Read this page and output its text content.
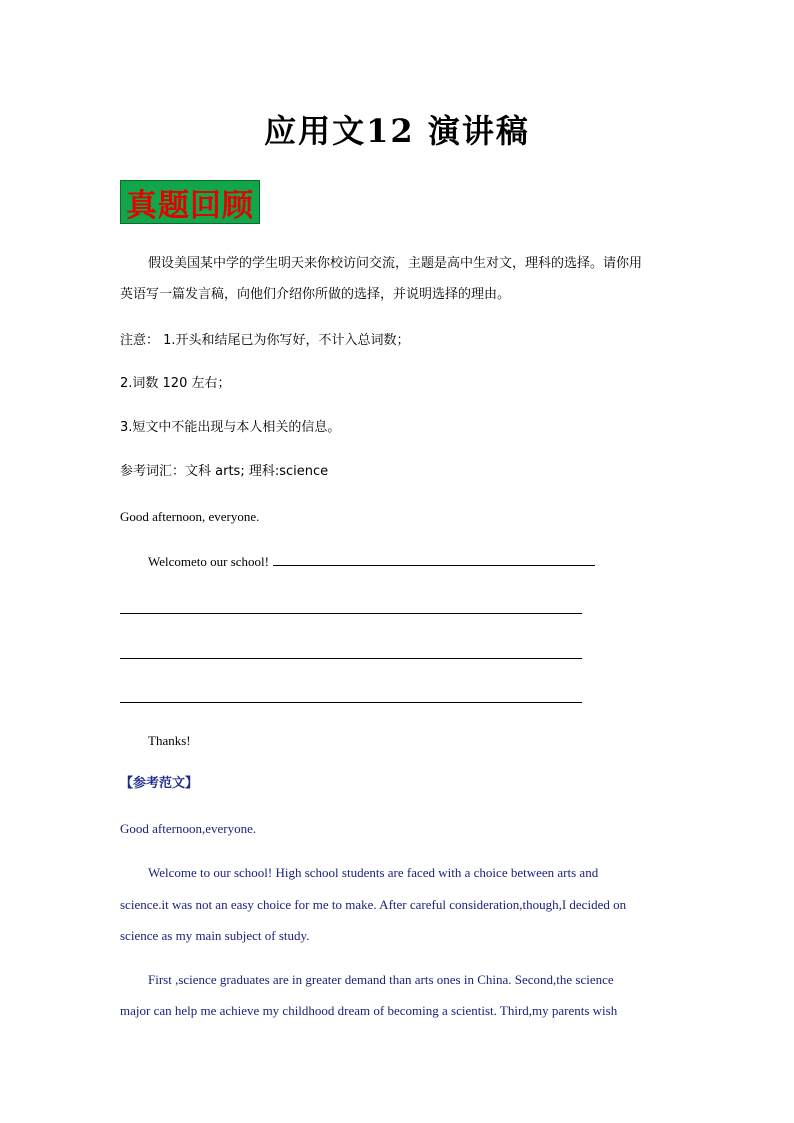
应用文12 演讲稿
真题回顾
假设美国某中学的学生明天来你校访问交流，主题是高中生对文，理科的选择。请你用
英语写一篇发言稿，向他们介绍你所做的选择，并说明选择的理由。
注意： 1.开头和结尾已为你写好，不计入总词数；
2.词数 120 左右；
3.短文中不能出现与本人相关的信息。
参考词汇：文科 arts; 理科:science
Good afternoon, everyone.
Welcometo our school!
Thanks!
【参考范文】
Good afternoon,everyone.
Welcome to our school! High school students are faced with a choice between arts and
science.it was not an easy choice for me to make. After careful consideration,though,I decided on
science as my main subject of study.
First ,science graduates are in greater demand than arts ones in China. Second,the science
major can help me achieve my childhood dream of becoming a scientist. Third,my parents wish
